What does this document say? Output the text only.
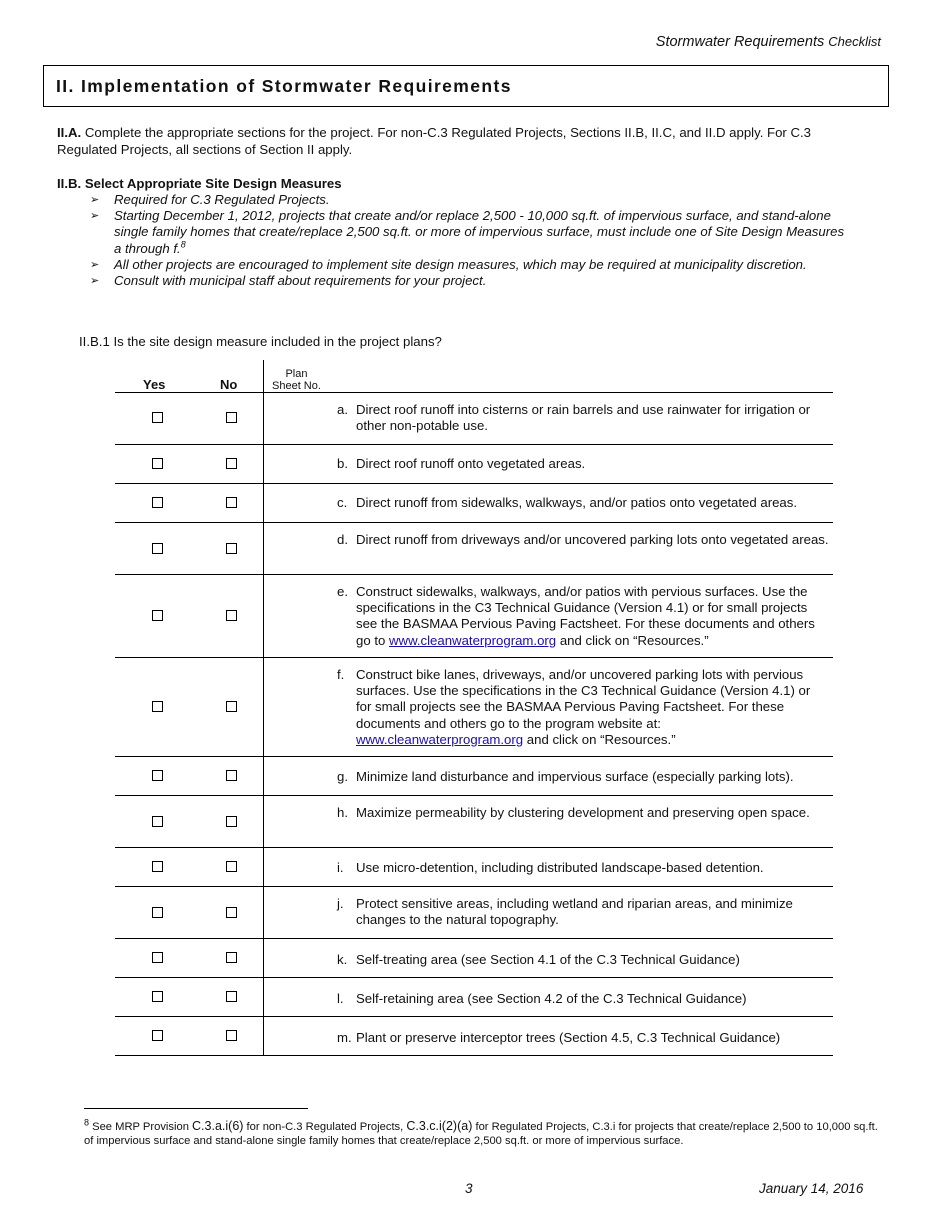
Stormwater Requirements Checklist
II. Implementation of Stormwater Requirements
II.A. Complete the appropriate sections for the project. For non-C.3 Regulated Projects, Sections II.B, II.C, and II.D apply. For C.3 Regulated Projects, all sections of Section II apply.
II.B. Select Appropriate Site Design Measures
➢ Required for C.3 Regulated Projects.
➢ Starting December 1, 2012, projects that create and/or replace 2,500 - 10,000 sq.ft. of impervious surface, and stand-alone single family homes that create/replace 2,500 sq.ft. or more of impervious surface, must include one of Site Design Measures a through f.$^8$
➢ All other projects are encouraged to implement site design measures, which may be required at municipality discretion.
➢ Consult with municipal staff about requirements for your project.
II.B.1 Is the site design measure included in the project plans?
Yes	No
Plan
Sheet No.
a. Direct roof runoff into cisterns or rain barrels and use rainwater for irrigation or other non-potable use.
b. Direct roof runoff onto vegetated areas.
c. Direct runoff from sidewalks, walkways, and/or patios onto vegetated areas.
d. Direct runoff from driveways and/or uncovered parking lots onto vegetated areas.
e. Construct sidewalks, walkways, and/or patios with pervious surfaces. Use the specifications in the C3 Technical Guidance (Version 4.1) or for small projects see the BASMAA Pervious Paving Factsheet. For these documents and others go to www.cleanwaterprogram.org and click on “Resources.”
f. Construct bike lanes, driveways, and/or uncovered parking lots with pervious surfaces. Use the specifications in the C3 Technical Guidance (Version 4.1) or for small projects see the BASMAA Pervious Paving Factsheet. For these documents and others go to the program website at: www.cleanwaterprogram.org and click on “Resources.”
g. Minimize land disturbance and impervious surface (especially parking lots).
h. Maximize permeability by clustering development and preserving open space.
i. Use micro-detention, including distributed landscape-based detention.
j. Protect sensitive areas, including wetland and riparian areas, and minimize changes to the natural topography.
k. Self-treating area (see Section 4.1 of the C.3 Technical Guidance)
l. Self-retaining area (see Section 4.2 of the C.3 Technical Guidance)
m. Plant or preserve interceptor trees (Section 4.5, C.3 Technical Guidance)
$^8$ See MRP Provision C.3.a.i(6) for non-C.3 Regulated Projects, C.3.c.i(2)(a) for Regulated Projects, C.3.i for projects that create/replace 2,500 to 10,000 sq.ft. of impervious surface and stand-alone single family homes that create/replace 2,500 sq.ft. or more of impervious surface.
3	January 14, 2016
